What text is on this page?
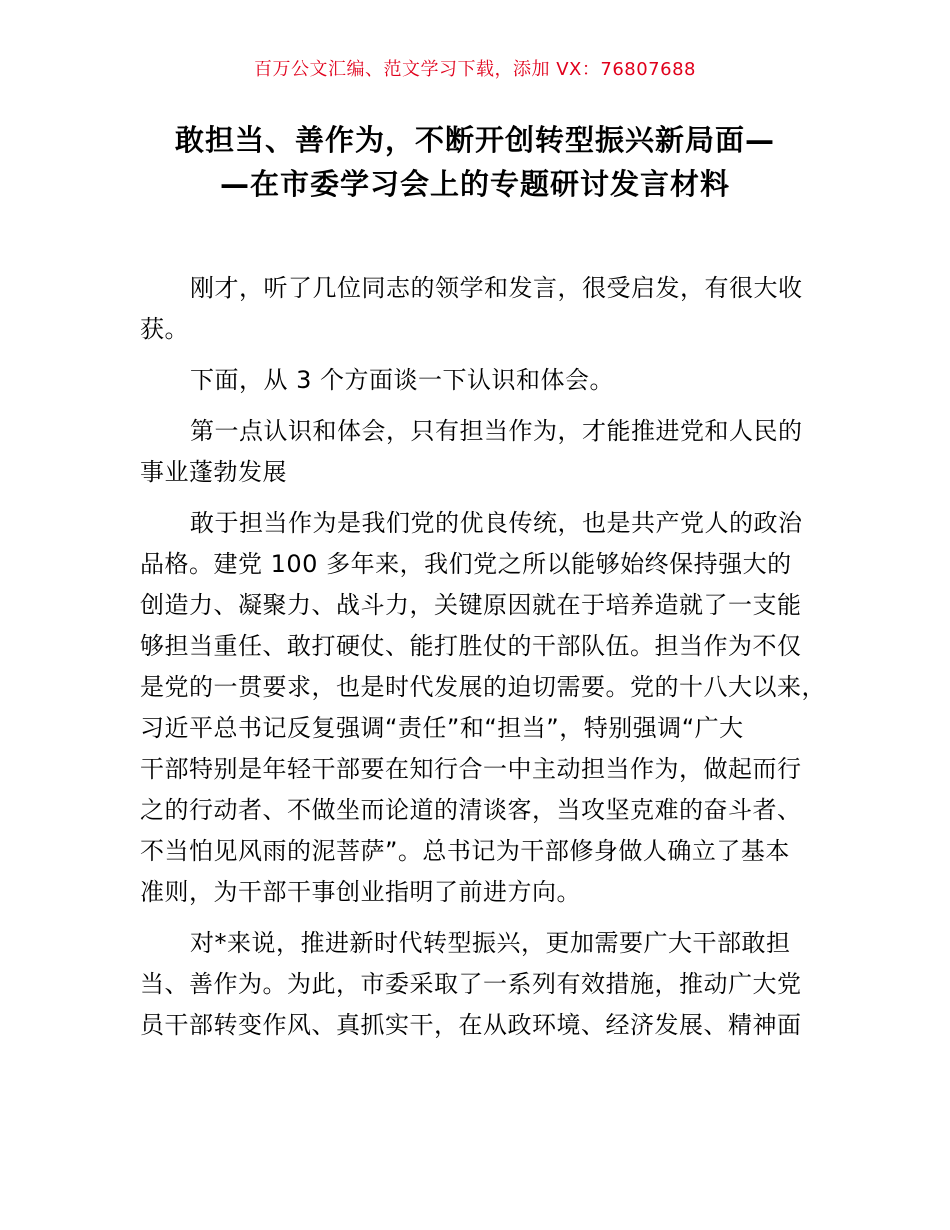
百万公文汇编、范文学习下载，添加 VX：76807688
敢担当、善作为，不断开创转型振兴新局面—
—在市委学习会上的专题研讨发言材料
刚才，听了几位同志的领学和发言，很受启发，有很大收
获。
下面，从 3 个方面谈一下认识和体会。
第一点认识和体会，只有担当作为，才能推进党和人民的
事业蓬勃发展
敢于担当作为是我们党的优良传统，也是共产党人的政治
品格。建党 100 多年来，我们党之所以能够始终保持强大的
创造力、凝聚力、战斗力，关键原因就在于培养造就了一支能
够担当重任、敢打硬仗、能打胜仗的干部队伍。担当作为不仅
是党的一贯要求，也是时代发展的迫切需要。党的十八大以来，
习近平总书记反复强调“责任”和“担当”，特别强调“广大
干部特别是年轻干部要在知行合一中主动担当作为，做起而行
之的行动者、不做坐而论道的清谈客，当攻坚克难的奋斗者、
不当怕见风雨的泥菩萨”。总书记为干部修身做人确立了基本
准则，为干部干事创业指明了前进方向。
对*来说，推进新时代转型振兴，更加需要广大干部敢担
当、善作为。为此，市委采取了一系列有效措施，推动广大党
员干部转变作风、真抓实干，在从政环境、经济发展、精神面
